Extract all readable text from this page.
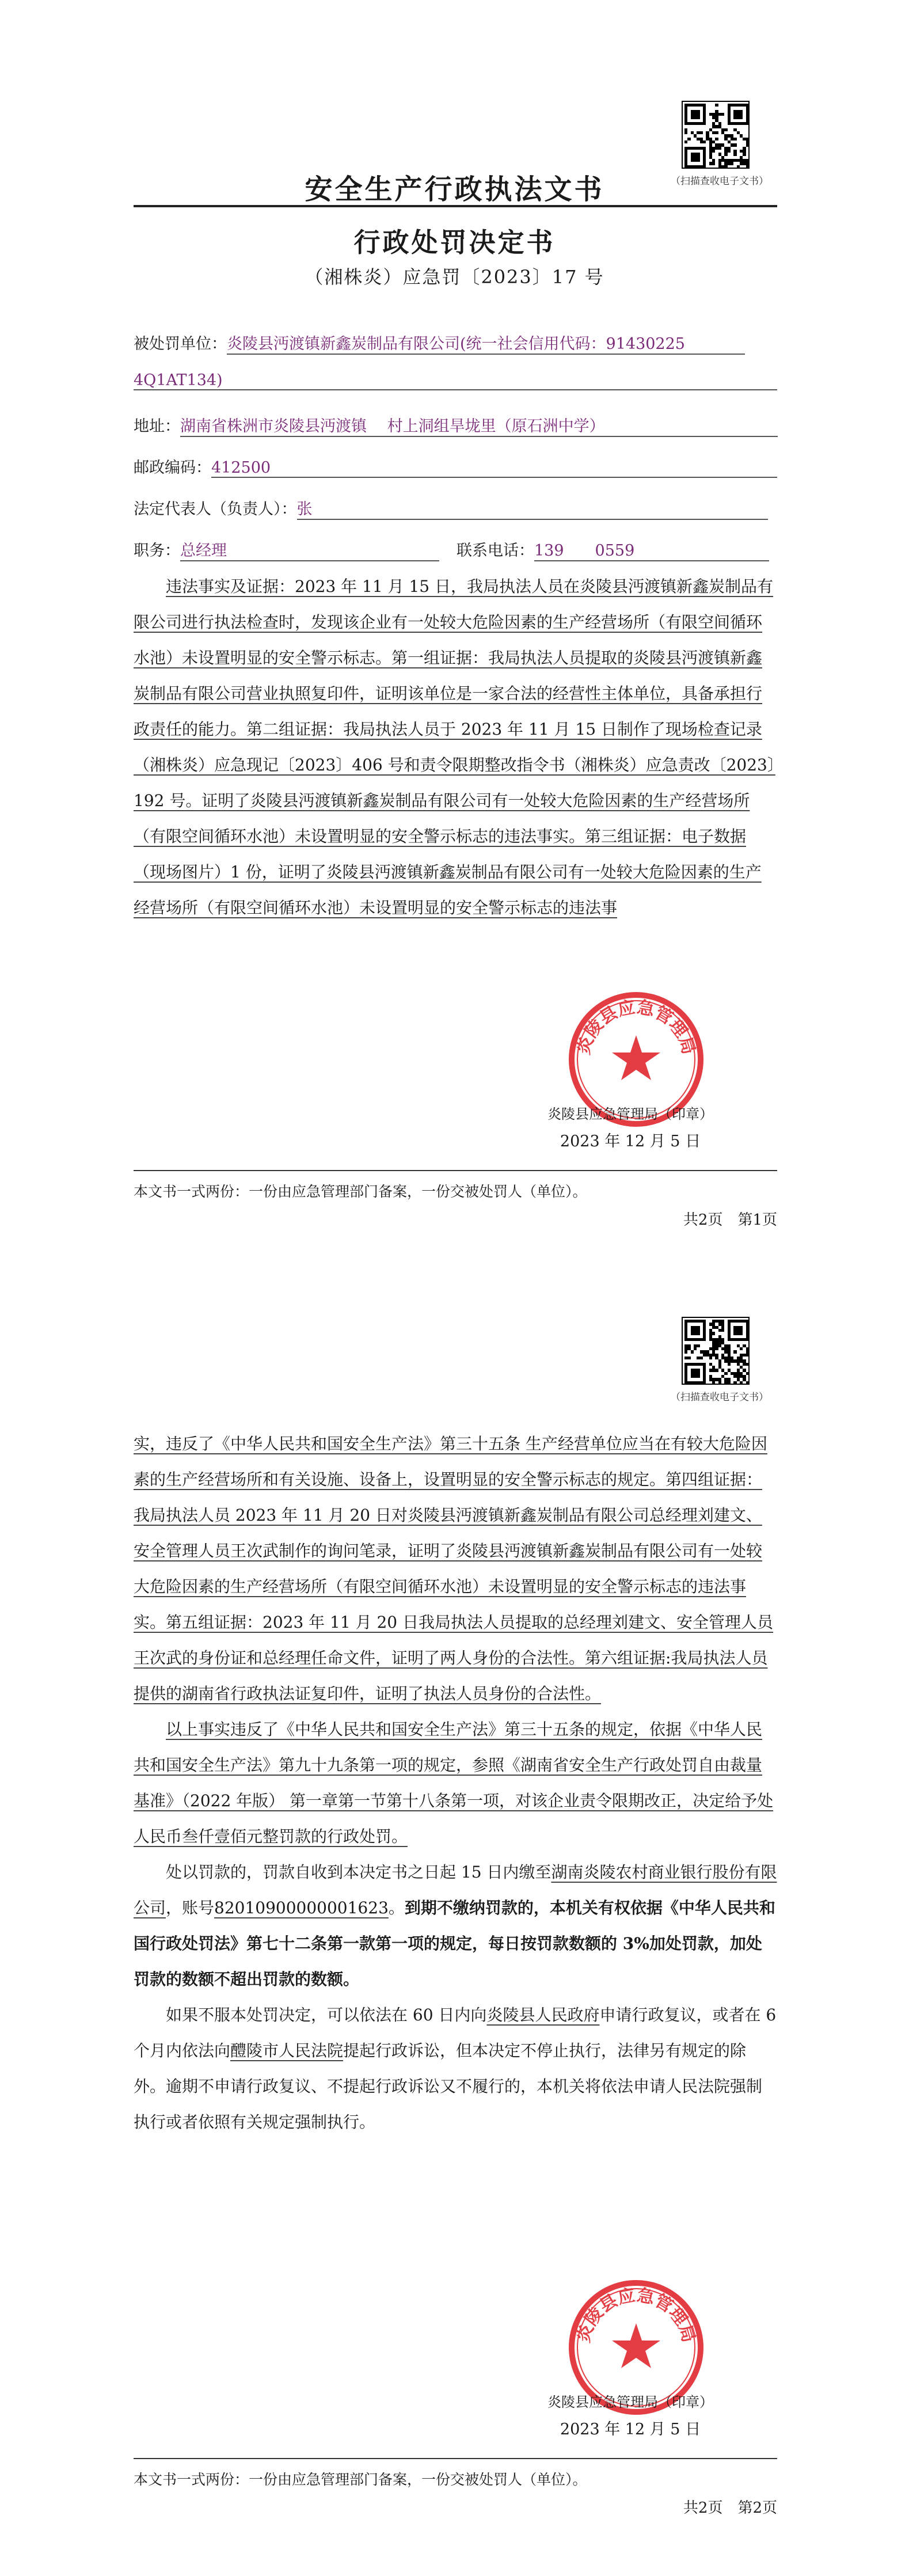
（扫描查收电子文书）
安全生产行政执法文书
行政处罚决定书
（湘株炎）应急罚〔2023〕17 号
被处罚单位：炎陵县沔渡镇新鑫炭制品有限公司(统一社会信用代码：91430225
4Q1AT134)
地址：湖南省株洲市炎陵县沔渡镇 　村上洞组旱垅里（原石洲中学）
邮政编码：412500
法定代表人（负责人）：张
职务：总经理	联系电话：139　　0559

违法事实及证据：2023 年 11 月 15 日，我局执法人员在炎陵县沔渡镇新鑫炭制品有限公司进行执法检查时，发现该企业有一处较大危险因素的生产经营场所（有限空间循环水池）未设置明显的安全警示标志。第一组证据：我局执法人员提取的炎陵县沔渡镇新鑫炭制品有限公司营业执照复印件，证明该单位是一家合法的经营性主体单位，具备承担行政责任的能力。第二组证据：我局执法人员于 2023 年 11 月 15 日制作了现场检查记录（湘株炎）应急现记〔2023〕406 号和责令限期整改指令书（湘株炎）应急责改〔2023〕192 号。证明了炎陵县沔渡镇新鑫炭制品有限公司有一处较大危险因素的生产经营场所（有限空间循环水池）未设置明显的安全警示标志的违法事实。第三组证据：电子数据（现场图片）1 份，证明了炎陵县沔渡镇新鑫炭制品有限公司有一处较大危险因素的生产经营场所（有限空间循环水池）未设置明显的安全警示标志的违法事

炎陵县应急管理局
炎陵县应急管理局（印章）
2023 年 12 月 5 日
本文书一式两份：一份由应急管理部门备案，一份交被处罚人（单位）。
共2页　第1页
（扫描查收电子文书）

实，违反了《中华人民共和国安全生产法》第三十五条 生产经营单位应当在有较大危险因素的生产经营场所和有关设施、设备上，设置明显的安全警示标志的规定。第四组证据：我局执法人员 2023 年 11 月 20 日对炎陵县沔渡镇新鑫炭制品有限公司总经理刘建文、安全管理人员王次武制作的询问笔录，证明了炎陵县沔渡镇新鑫炭制品有限公司有一处较大危险因素的生产经营场所（有限空间循环水池）未设置明显的安全警示标志的违法事实。第五组证据：2023 年 11 月 20 日我局执法人员提取的总经理刘建文、安全管理人员王次武的身份证和总经理任命文件，证明了两人身份的合法性。第六组证据:我局执法人员提供的湖南省行政执法证复印件，证明了执法人员身份的合法性。

以上事实违反了《中华人民共和国安全生产法》第三十五条的规定，依据《中华人民共和国安全生产法》第九十九条第一项的规定，参照《湖南省安全生产行政处罚自由裁量基准》（2022 年版） 第一章第一节第十八条第一项，对该企业责令限期改正，决定给予处人民币叁仟壹佰元整罚款的行政处罚。

处以罚款的，罚款自收到本决定书之日起 15 日内缴至湖南炎陵农村商业银行股份有限公司，账号82010900000001623。到期不缴纳罚款的，本机关有权依据《中华人民共和国行政处罚法》第七十二条第一款第一项的规定，每日按罚款数额的 3%加处罚款，加处罚款的数额不超出罚款的数额。

如果不服本处罚决定，可以依法在 60 日内向炎陵县人民政府申请行政复议，或者在 6 个月内依法向醴陵市人民法院提起行政诉讼，但本决定不停止执行，法律另有规定的除外。逾期不申请行政复议、不提起行政诉讼又不履行的，本机关将依法申请人民法院强制执行或者依照有关规定强制执行。

炎陵县应急管理局
炎陵县应急管理局（印章）
2023 年 12 月 5 日
本文书一式两份：一份由应急管理部门备案，一份交被处罚人（单位）。
共2页　第2页
